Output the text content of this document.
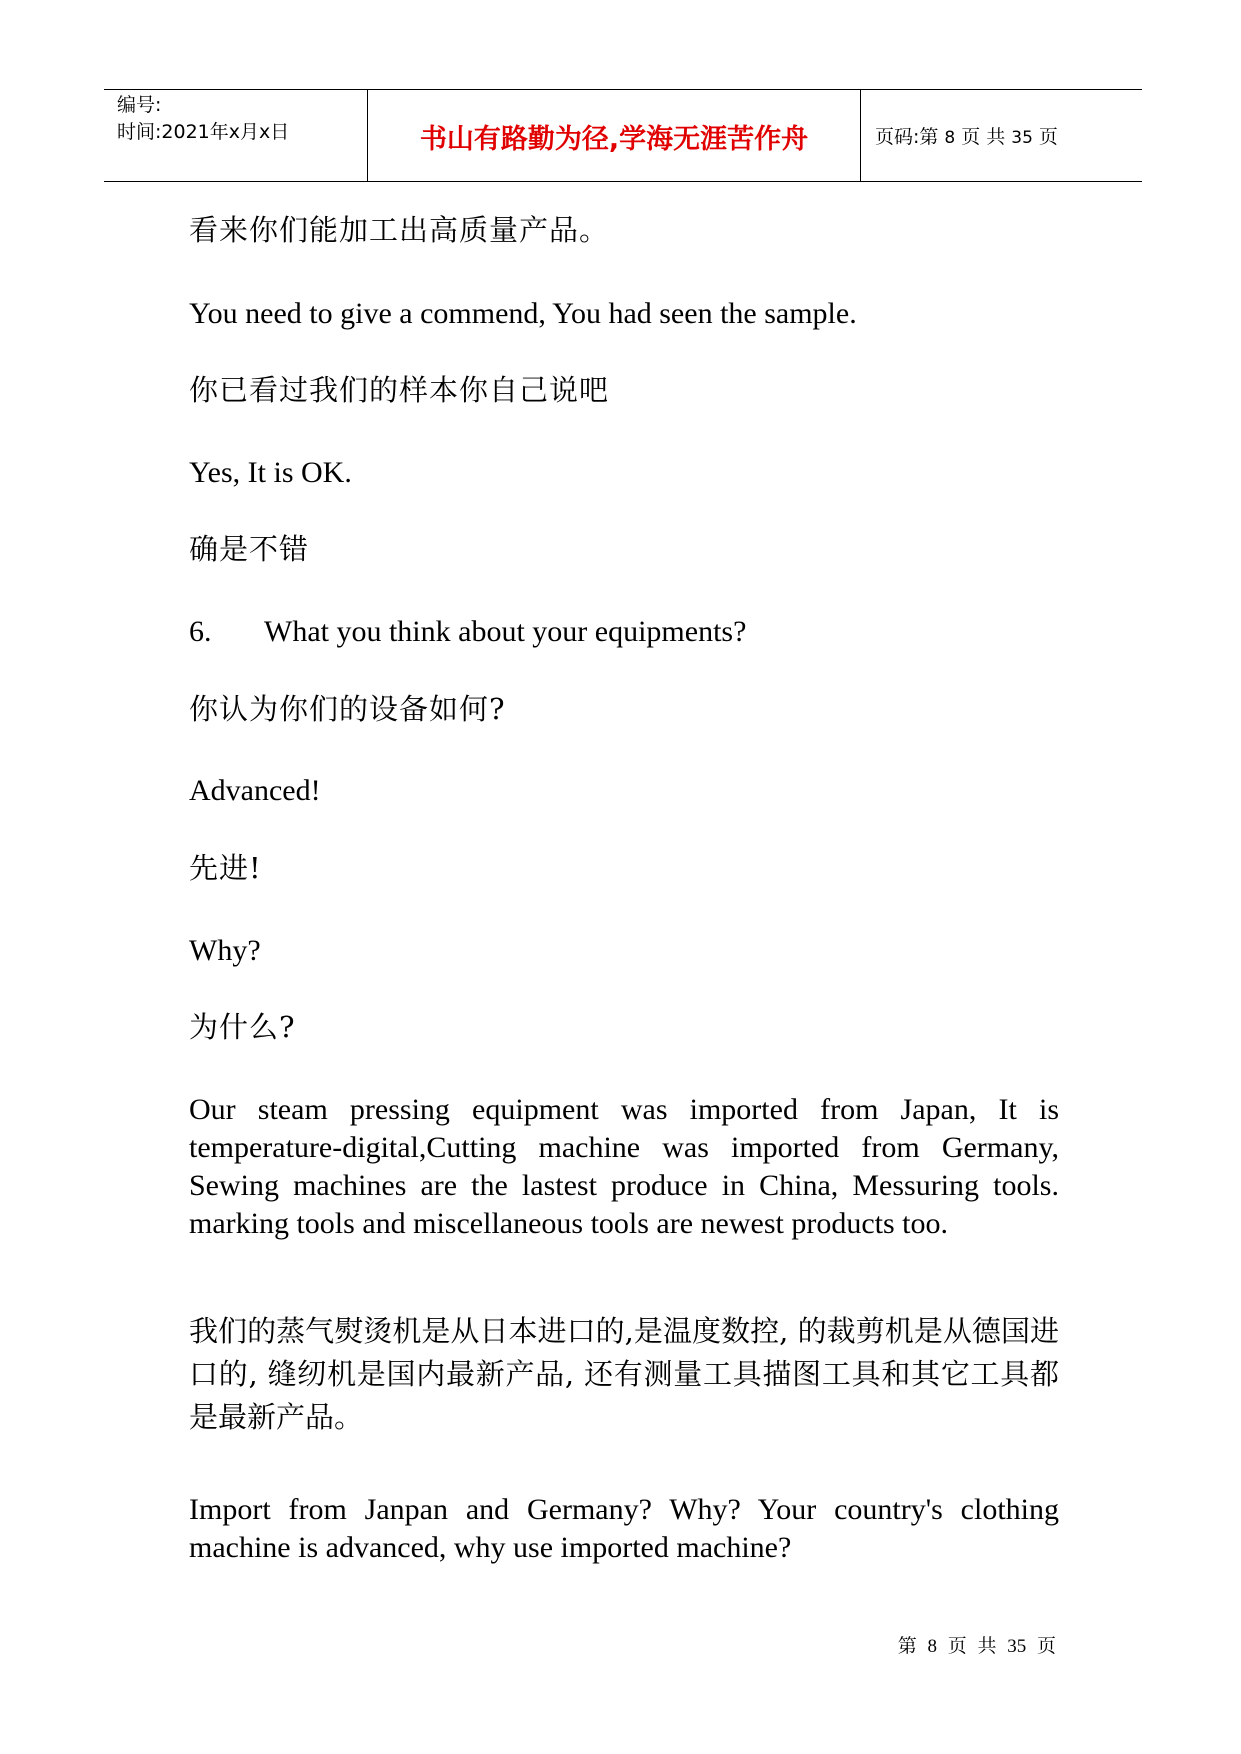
编号:
时间:2021年x月x日	书山有路勤为径,学海无涯苦作舟	页码:第 8 页 共 35 页
看来你们能加工出高质量产品。
You need to give a commend, You had seen the sample.
你已看过我们的样本你自己说吧
Yes, It is OK.
确是不错
6. What you think about your equipments?
你认为你们的设备如何?
Advanced!
先进!
Why?
为什么?
Our steam pressing equipment was imported from Japan, It is temperature-digital,Cutting machine was imported from Germany, Sewing machines are the lastest produce in China, Messuring tools. marking tools and miscellaneous tools are newest products too.
我们的蒸气熨烫机是从日本进口的,是温度数控, 的裁剪机是从德国进口的, 缝纫机是国内最新产品, 还有测量工具描图工具和其它工具都是最新产品。
Import from Janpan and Germany? Why? Your country's clothing machine is advanced, why use imported machine?
第 8 页 共 35 页
